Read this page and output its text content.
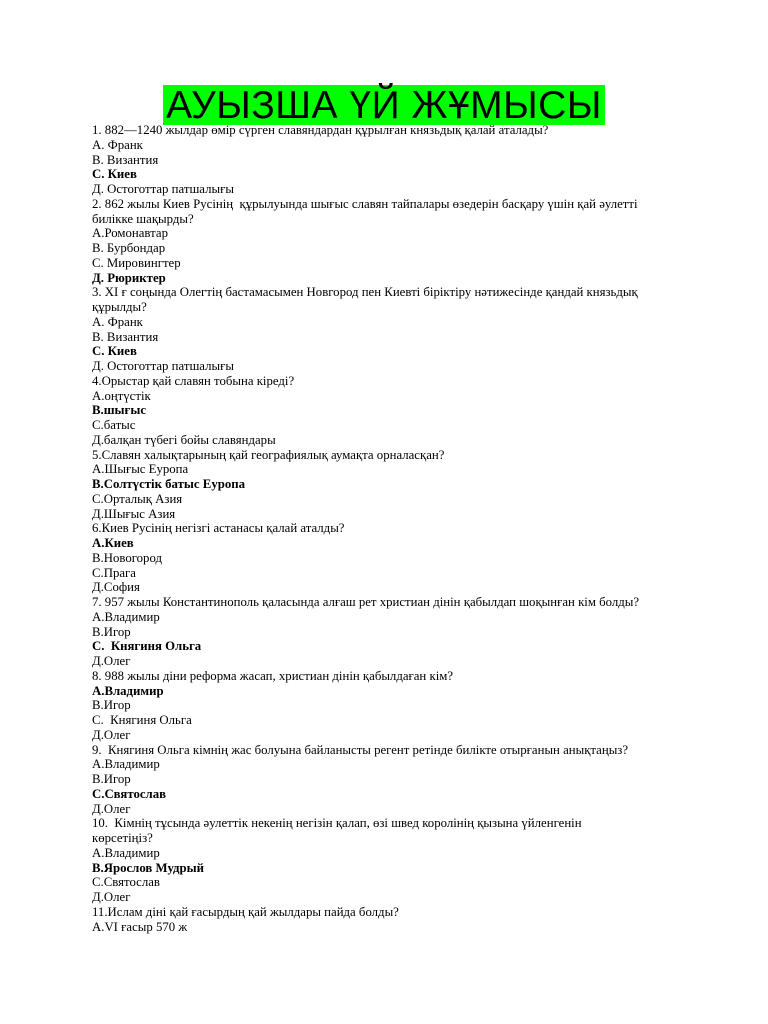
АУЫЗША ҮЙ ЖҰМЫСЫ
1. 882—1240 жылдар өмір сүрген славяндардан құрылған князьдық қалай аталады?
А. Франк
В. Византия
С. Киев
Д. Остоготтар патшалығы
2. 862 жылы Киев Русінің  құрылуында шығыс славян тайпалары өзедерін басқару үшін қай әулетті
билікке шақырды?
А.Ромонавтар
В. Бурбондар
С. Мировингтер
Д. Рюриктер
3. XI ғ соңында Олегтің бастамасымен Новгород пен Киевті біріктіру нәтижесінде қандай князьдық
құрылды?
А. Франк
В. Византия
С. Киев
Д. Остоготтар патшалығы
4.Орыстар қай славян тобына кіреді?
А.оңтүстік
В.шығыс
С.батыс
Д.балқан түбегі бойы славяндары
5.Славян халықтарының қай географиялық аумақта орналасқан?
А.Шығыс Еуропа
В.Солтүстік батыс Еуропа
С.Орталық Азия
Д.Шығыс Азия
6.Киев Русінің негізгі астанасы қалай аталды?
А.Киев
В.Новогород
С.Прага
Д.София
7. 957 жылы Константинополь қаласында алғаш рет христиан дінін қабылдап шоқынған кім болды?
А.Владимир
В.Игор
С.  Княгиня Ольга
Д.Олег
8. 988 жылы діни реформа жасап, христиан дінін қабылдаған кім?
А.Владимир
В.Игор
С.  Княгиня Ольга
Д.Олег
9.  Княгиня Ольга кімнің жас болуына байланысты регент ретінде билікте отырғанын анықтаңыз?
А.Владимир
В.Игор
С.Святослав
Д.Олег
10.  Кімнің тұсында әулеттік некенің негізін қалап, өзі швед королінің қызына үйленгенін
көрсетіңіз?
А.Владимир
В.Ярослов Мудрый
С.Святослав
Д.Олег
11.Ислам діні қай ғасырдың қай жылдары пайда болды?
А.VI ғасыр 570 ж
